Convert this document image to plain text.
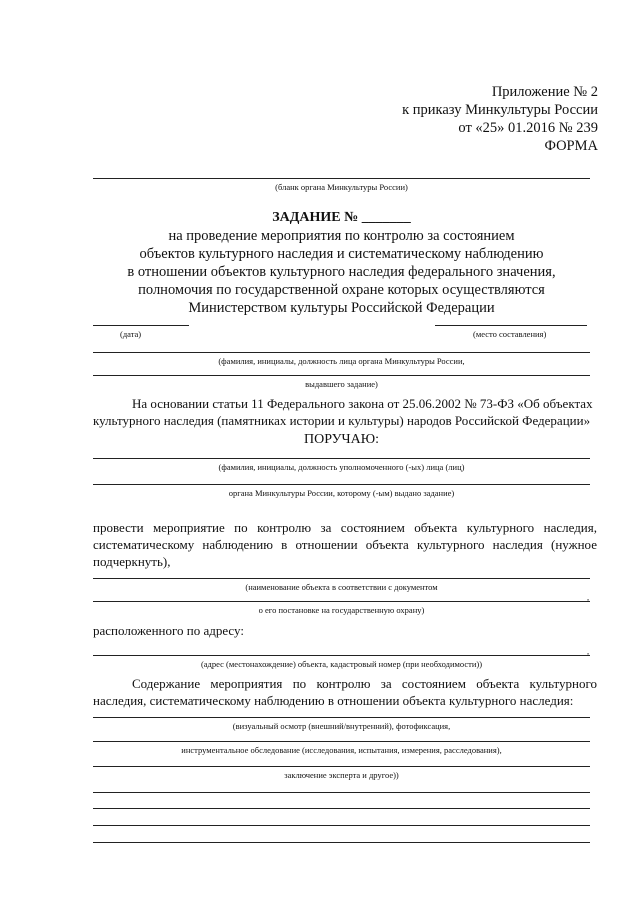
Приложение № 2
к приказу Минкультуры России
от «25» 01.2016 № 239
ФОРМА
(бланк органа Минкультуры России)
ЗАДАНИЕ № _______
на проведение мероприятия по контролю за состоянием
объектов культурного наследия и систематическому наблюдению
в отношении объектов культурного наследия федерального значения,
полномочия по государственной охране которых осуществляются
Министерством культуры Российской Федерации
(дата)	(место составления)
(фамилия, инициалы, должность лица органа Минкультуры России,
выдавшего задание)
На основании статьи 11 Федерального закона от 25.06.2002 № 73-ФЗ «Об объектах
культурного наследия (памятниках истории и культуры) народов Российской Федерации»
ПОРУЧАЮ:
(фамилия, инициалы, должность уполномоченного (-ых) лица (лиц)
органа Минкультуры России, которому (-ым) выдано задание)
провести мероприятие по контролю за состоянием объекта культурного наследия,
систематическому наблюдению в отношении объекта культурного наследия (нужное
подчеркнуть),
(наименование объекта в соответствии с документом
,
о его постановке на государственную охрану)
расположенного по адресу:
,
(адрес (местонахождение) объекта, кадастровый номер (при необходимости))
Содержание мероприятия по контролю за состоянием объекта культурного
наследия, систематическому наблюдению в отношении объекта культурного наследия:
(визуальный осмотр (внешний/внутренний), фотофиксация,
инструментальное обследование (исследования, испытания, измерения, расследования),
заключение эксперта и другое))
